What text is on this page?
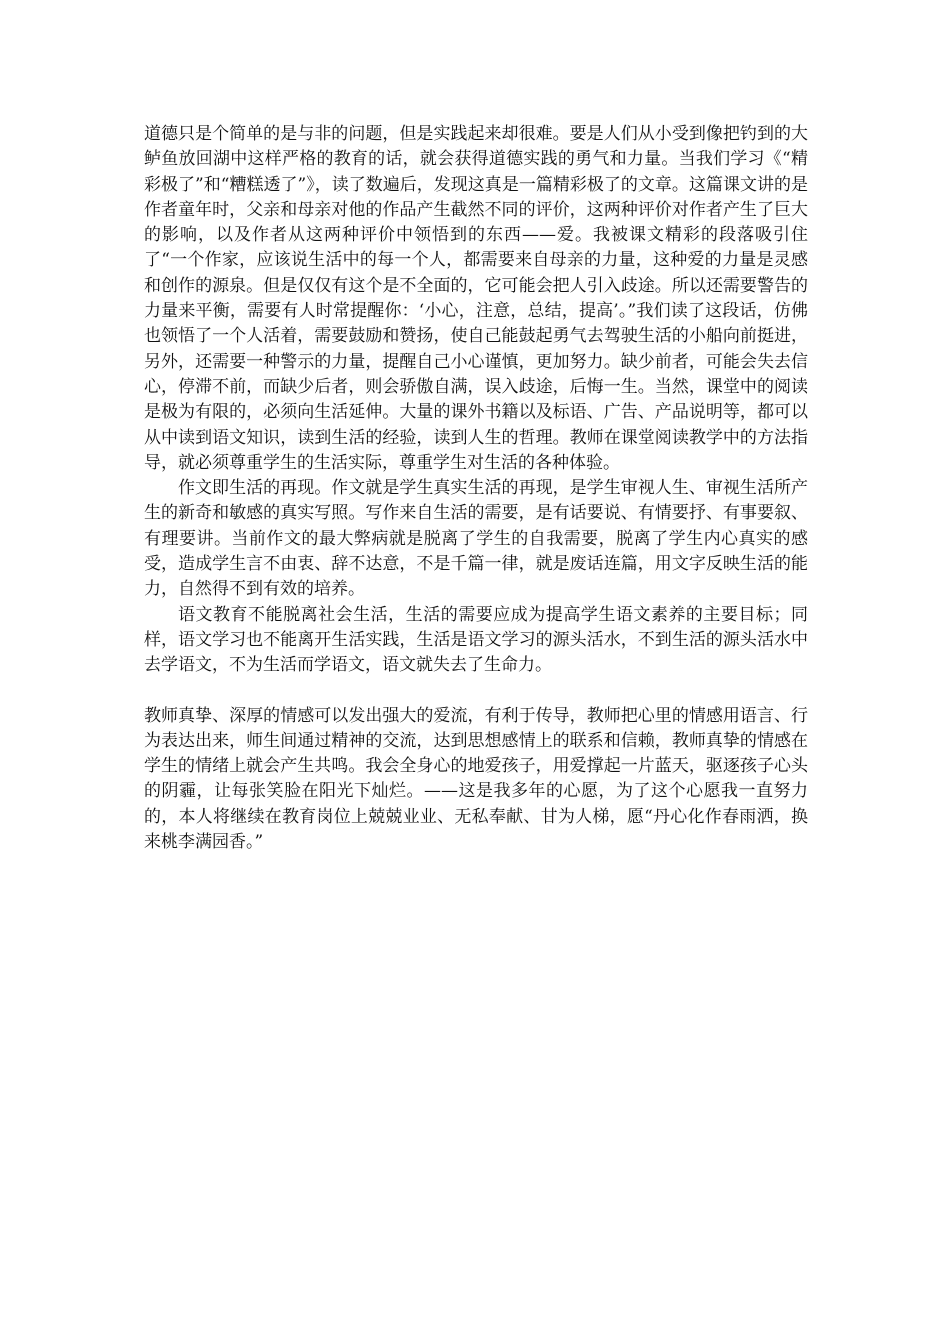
道德只是个简单的是与非的问题，但是实践起来却很难。要是人们从小受到像把钓到的大鲈鱼放回湖中这样严格的教育的话，就会获得道德实践的勇气和力量。当我们学习《“精彩极了”和“糟糕透了”》，读了数遍后，发现这真是一篇精彩极了的文章。这篇课文讲的是作者童年时，父亲和母亲对他的作品产生截然不同的评价，这两种评价对作者产生了巨大的影响，以及作者从这两种评价中领悟到的东西——爱。我被课文精彩的段落吸引住了“一个作家，应该说生活中的每一个人，都需要来自母亲的力量，这种爱的力量是灵感和创作的源泉。但是仅仅有这个是不全面的，它可能会把人引入歧途。所以还需要警告的力量来平衡，需要有人时常提醒你：‘小心，注意，总结，提高’。”我们读了这段话，仿佛也领悟了一个人活着，需要鼓励和赞扬，使自己能鼓起勇气去驾驶生活的小船向前挺进，另外，还需要一种警示的力量，提醒自己小心谨慎，更加努力。缺少前者，可能会失去信心，停滞不前，而缺少后者，则会骄傲自满，误入歧途，后悔一生。当然，课堂中的阅读是极为有限的，必须向生活延伸。大量的课外书籍以及标语、广告、产品说明等，都可以从中读到语文知识，读到生活的经验，读到人生的哲理。教师在课堂阅读教学中的方法指导，就必须尊重学生的生活实际，尊重学生对生活的各种体验。

作文即生活的再现。作文就是学生真实生活的再现，是学生审视人生、审视生活所产生的新奇和敏感的真实写照。写作来自生活的需要，是有话要说、有情要抒、有事要叙、有理要讲。当前作文的最大弊病就是脱离了学生的自我需要，脱离了学生内心真实的感受，造成学生言不由衷、辞不达意，不是千篇一律，就是废话连篇，用文字反映生活的能力，自然得不到有效的培养。

语文教育不能脱离社会生活，生活的需要应成为提高学生语文素养的主要目标；同样，语文学习也不能离开生活实践，生活是语文学习的源头活水，不到生活的源头活水中去学语文，不为生活而学语文，语文就失去了生命力。

教师真挚、深厚的情感可以发出强大的爱流，有利于传导，教师把心里的情感用语言、行为表达出来，师生间通过精神的交流，达到思想感情上的联系和信赖，教师真挚的情感在学生的情绪上就会产生共鸣。我会全身心的地爱孩子，用爱撑起一片蓝天，驱逐孩子心头的阴霾，让每张笑脸在阳光下灿烂。——这是我多年的心愿，为了这个心愿我一直努力的，本人将继续在教育岗位上兢兢业业、无私奉献、甘为人梯，愿“丹心化作春雨洒，换来桃李满园香。”
